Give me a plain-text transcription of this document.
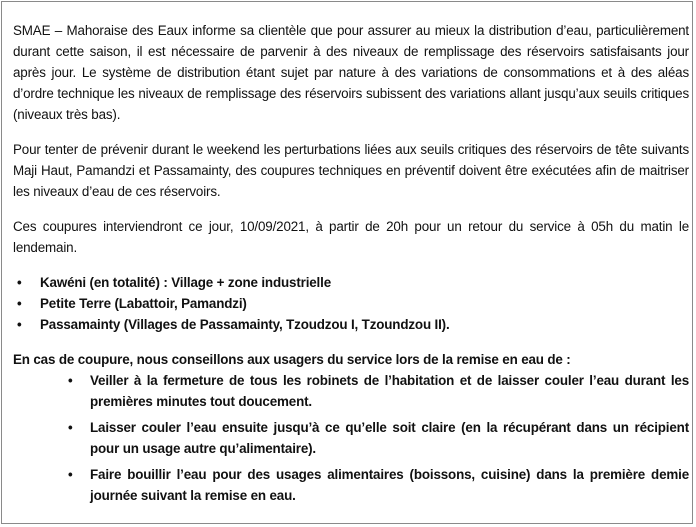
SMAE – Mahoraise des Eaux informe sa clientèle que pour assurer au mieux la distribution d’eau, particulièrement durant cette saison, il est nécessaire de parvenir à des niveaux de remplissage des réservoirs satisfaisants jour après jour. Le système de distribution étant sujet par nature à des variations de consommations et à des aléas d’ordre technique les niveaux de remplissage des réservoirs subissent des variations allant jusqu’aux seuils critiques (niveaux très bas).

Pour tenter de prévenir durant le weekend les perturbations liées aux seuils critiques des réservoirs de tête suivants Maji Haut, Pamandzi et Passamainty, des coupures techniques en préventif doivent être exécutées afin de maitriser les niveaux d’eau de ces réservoirs.

Ces coupures interviendront ce jour, 10/09/2021, à partir de 20h pour un retour du service à 05h du matin le lendemain.

• Kawéni (en totalité) : Village + zone industrielle
• Petite Terre (Labattoir, Pamandzi)
• Passamainty (Villages de Passamainty, Tzoudzou I, Tzoundzou II).

En cas de coupure, nous conseillons aux usagers du service lors de la remise en eau de :

• Veiller à la fermeture de tous les robinets de l’habitation et de laisser couler l’eau durant les premières minutes tout doucement.
• Laisser couler l’eau ensuite jusqu’à ce qu’elle soit claire (en la récupérant dans un récipient pour un usage autre qu’alimentaire).
• Faire bouillir l’eau pour des usages alimentaires (boissons, cuisine) dans la première demie journée suivant la remise en eau.
